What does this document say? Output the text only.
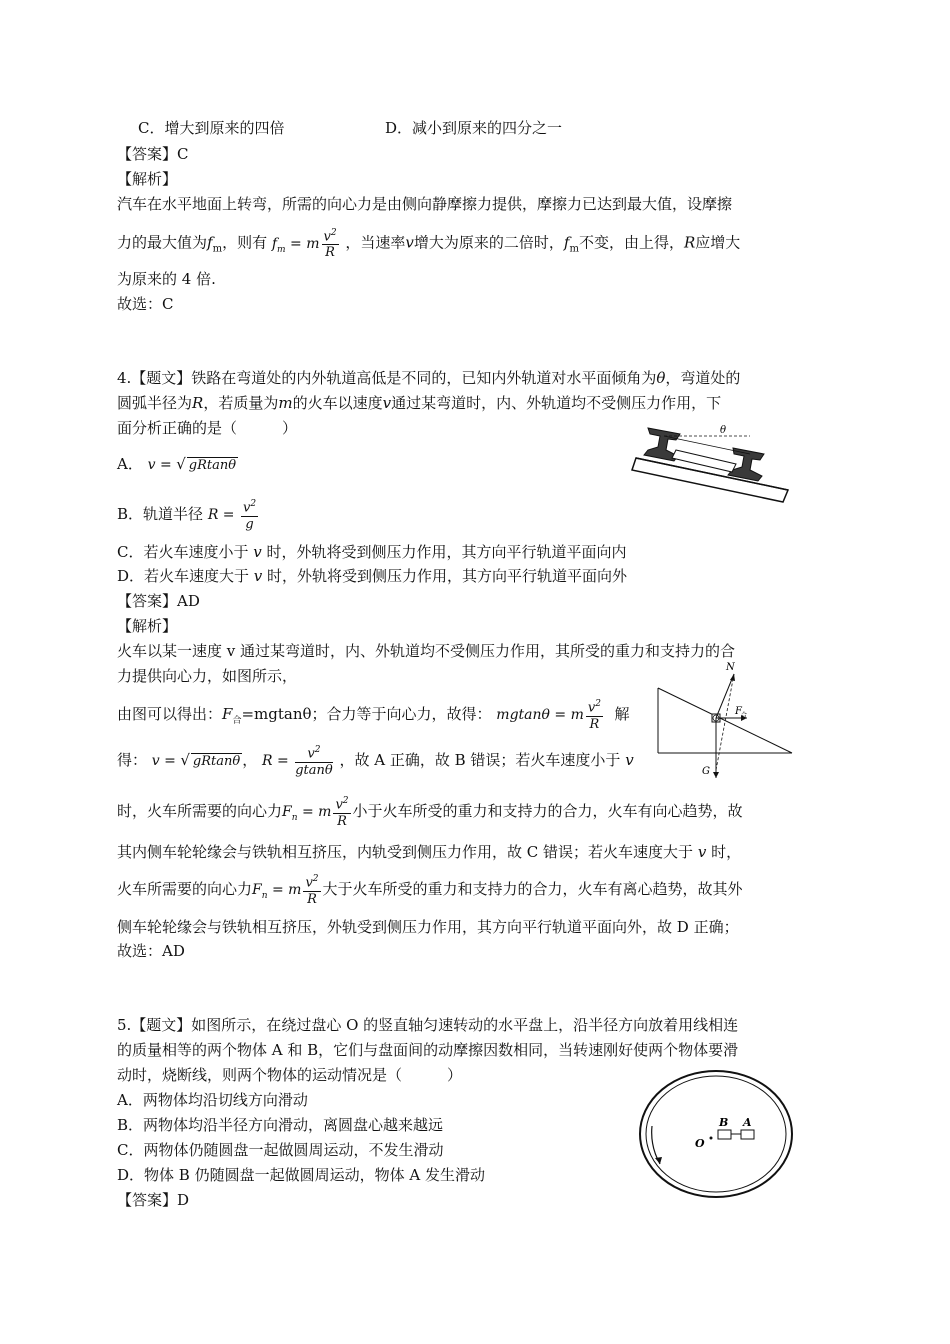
C．增大到原来的四倍	D．减小到原来的四分之一
【答案】C
【解析】
汽车在水平地面上转弯，所需的向心力是由侧向静摩擦力提供，摩擦力已达到最大值，设摩擦
力的最大值为$f_m$，则有 $f_m = m \frac{v^2}{R}$ ，当速率v增大为原来的二倍时，$f_m$不变，由上得，R应增大
为原来的 4 倍.
故选：C
4.【题文】铁路在弯道处的内外轨道高低是不同的，已知内外轨道对水平面倾角为θ，弯道处的
圆弧半径为R，若质量为m的火车以速度v通过某弯道时，内、外轨道均不受侧压力作用，下
面分析正确的是（　　　）
A． v = √ gRtanθ
B．轨道半径 $R = \frac{v^2}{g}$
C．若火车速度小于 v 时，外轨将受到侧压力作用，其方向平行轨道平面向内
D．若火车速度大于 v 时，外轨将受到侧压力作用，其方向平行轨道平面向外
【答案】AD
【解析】
火车以某一速度 v 通过某弯道时，内、外轨道均不受侧压力作用，其所受的重力和支持力的合
力提供向心力，如图所示，
由图可以得出：$F_合=mgtan\theta$；合力等于向心力，故得： mgtanθ = m $\frac{v^2}{R}$ 解
得： v = √ gRtanθ ， $R = \frac{v^2}{gtan\theta}$ ，故 A 正确，故 B 错误；若火车速度小于 v
时，火车所需要的向心力$F_n = m \frac{v^2}{R}$ 小于火车所受的重力和支持力的合力，火车有向心趋势，故
其内侧车轮轮缘会与铁轨相互挤压，内轨受到侧压力作用，故 C 错误；若火车速度大于 v 时，
火车所需要的向心力$F_n = m \frac{v^2}{R}$ 大于火车所受的重力和支持力的合力，火车有离心趋势，故其外
侧车轮轮缘会与铁轨相互挤压，外轨受到侧压力作用，其方向平行轨道平面向外，故 D 正确；
故选：AD
5.【题文】如图所示，在绕过盘心 O 的竖直轴匀速转动的水平盘上，沿半径方向放着用线相连
的质量相等的两个物体 A 和 B，它们与盘面间的动摩擦因数相同，当转速刚好使两个物体要滑
动时，烧断线，则两个物体的运动情况是（　　　）
A．两物体均沿切线方向滑动
B．两物体均沿半径方向滑动，离圆盘心越来越远
C．两物体仍随圆盘一起做圆周运动，不发生滑动
D．物体 B 仍随圆盘一起做圆周运动，物体 A 发生滑动
【答案】D
θ
N
F 合
G
O
B A
